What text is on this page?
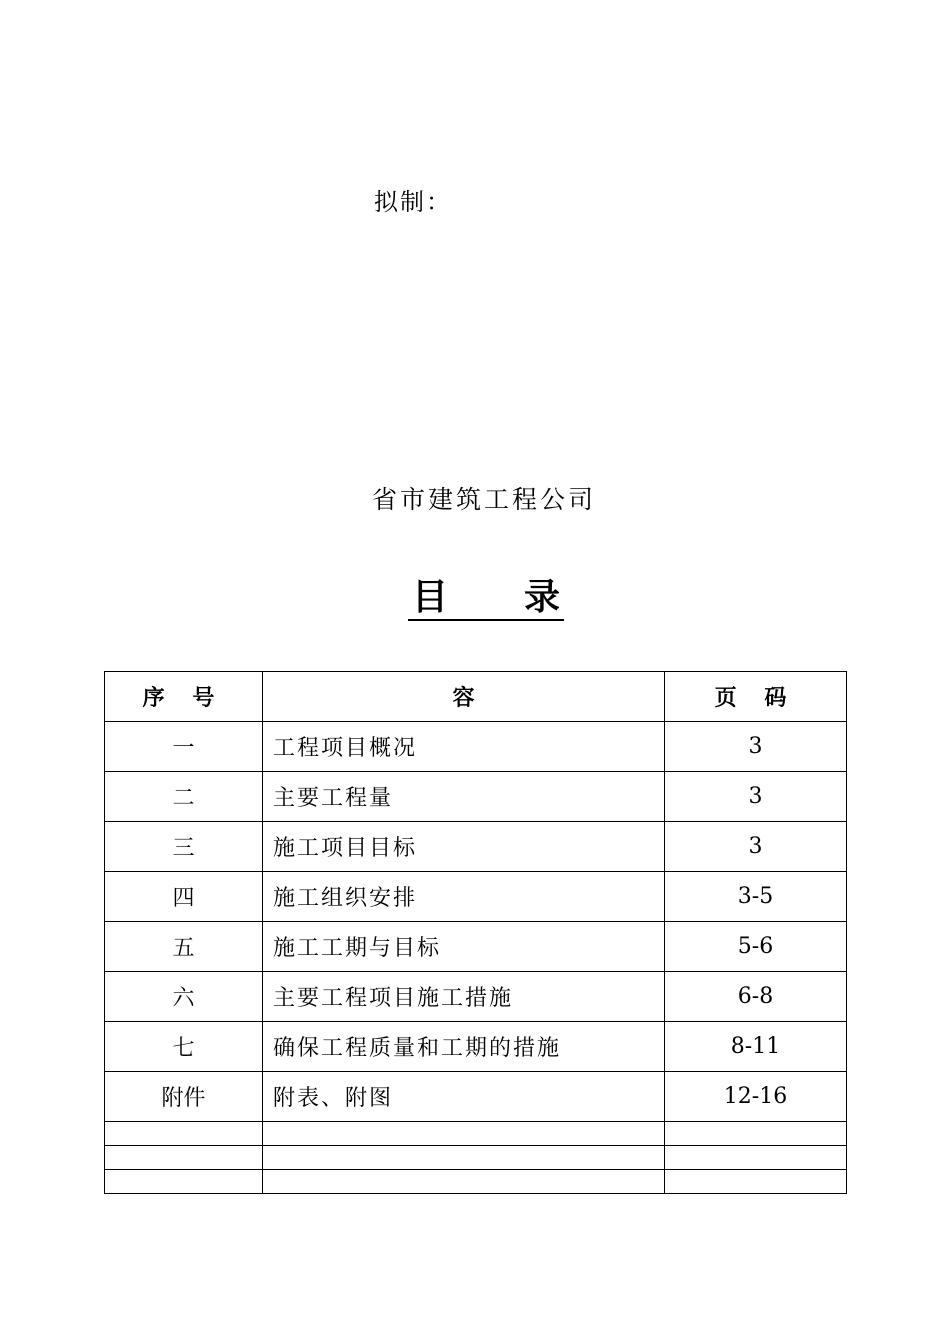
拟制：
省市建筑工程公司
目 录
序 号	容	页 码
一	工程项目概况	3
二	主要工程量	3
三	施工项目目标	3
四	施工组织安排	3-5
五	施工工期与目标	5-6
六	主要工程项目施工措施	6-8
七	确保工程质量和工期的措施	8-11
附件	附表、附图	12-16
